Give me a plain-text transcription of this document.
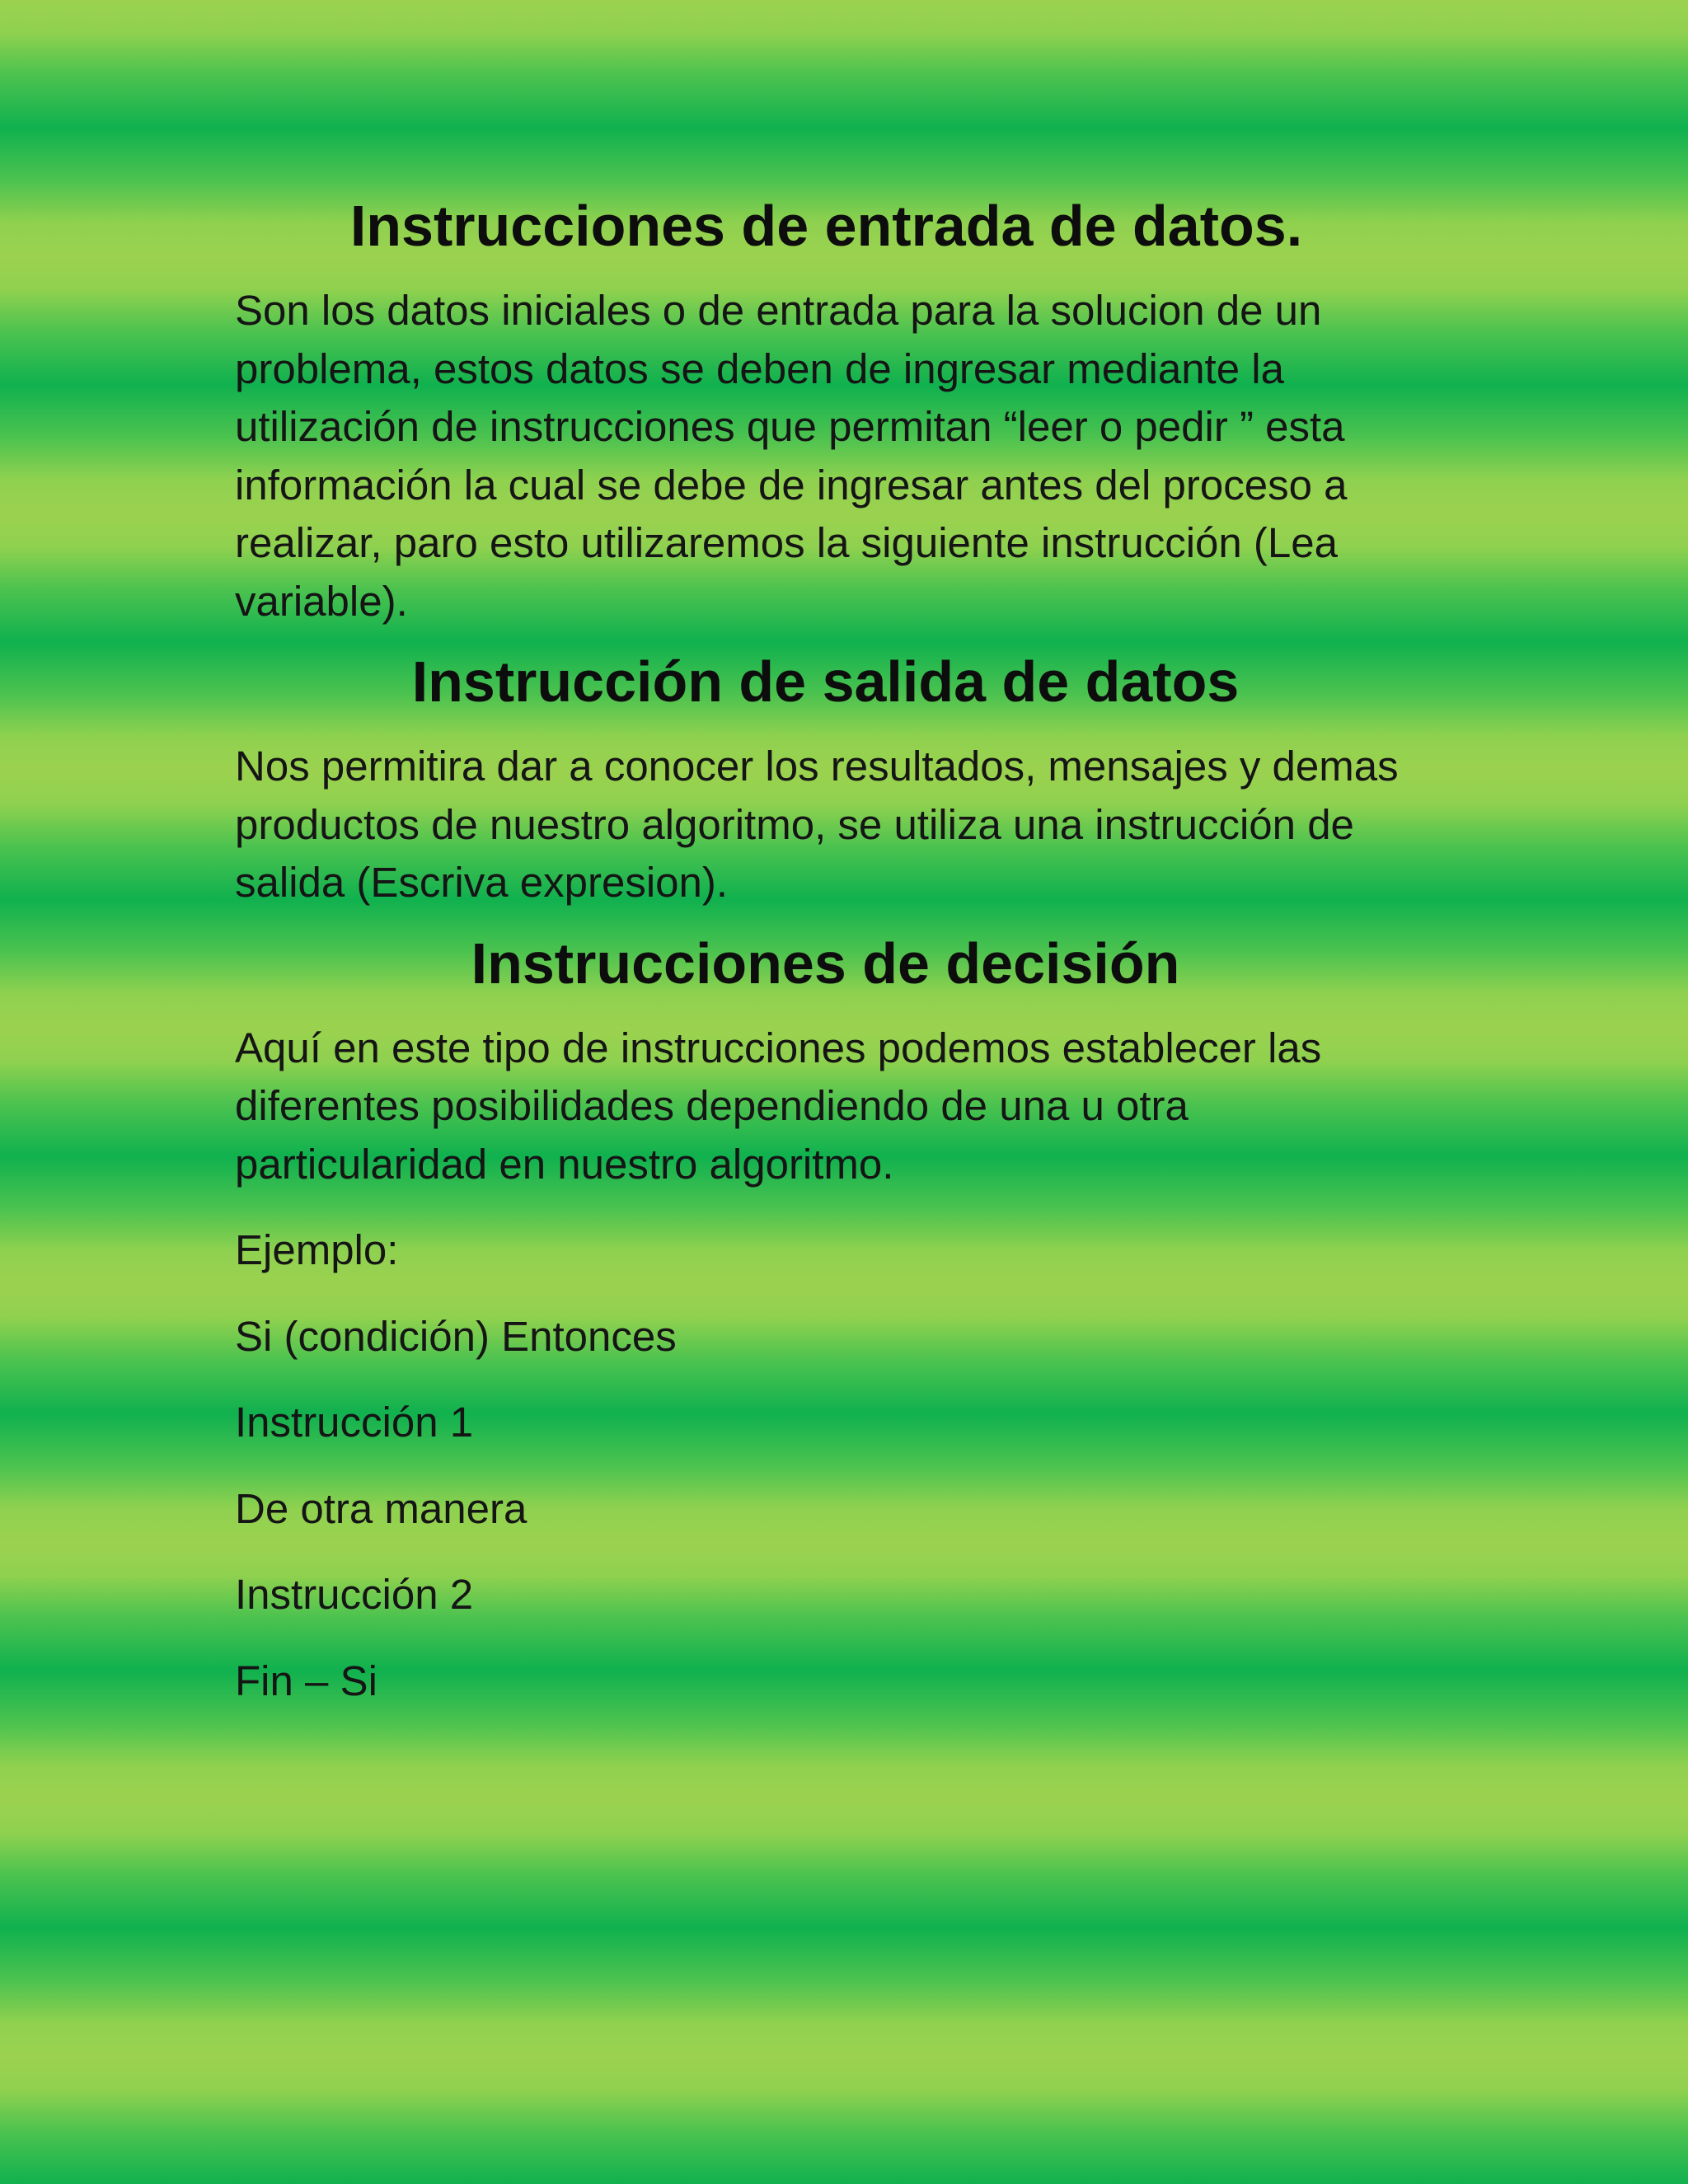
Instrucciones de entrada de datos.

Son los datos iniciales o de entrada para la solucion de un problema, estos datos se deben de ingresar mediante la utilización de instrucciones que permitan “leer o pedir ” esta información la cual se debe de ingresar antes del proceso a realizar, paro esto utilizaremos la siguiente instrucción (Lea variable).

Instrucción de salida de datos

Nos permitira dar a conocer los resultados, mensajes y demas productos de nuestro algoritmo, se utiliza una instrucción de salida (Escriva expresion).

Instrucciones de decisión

Aquí en este tipo de instrucciones podemos establecer las diferentes posibilidades dependiendo de una u otra particularidad en nuestro algoritmo.

Ejemplo:

Si (condición) Entonces

Instrucción 1

De otra manera

Instrucción 2

Fin – Si
